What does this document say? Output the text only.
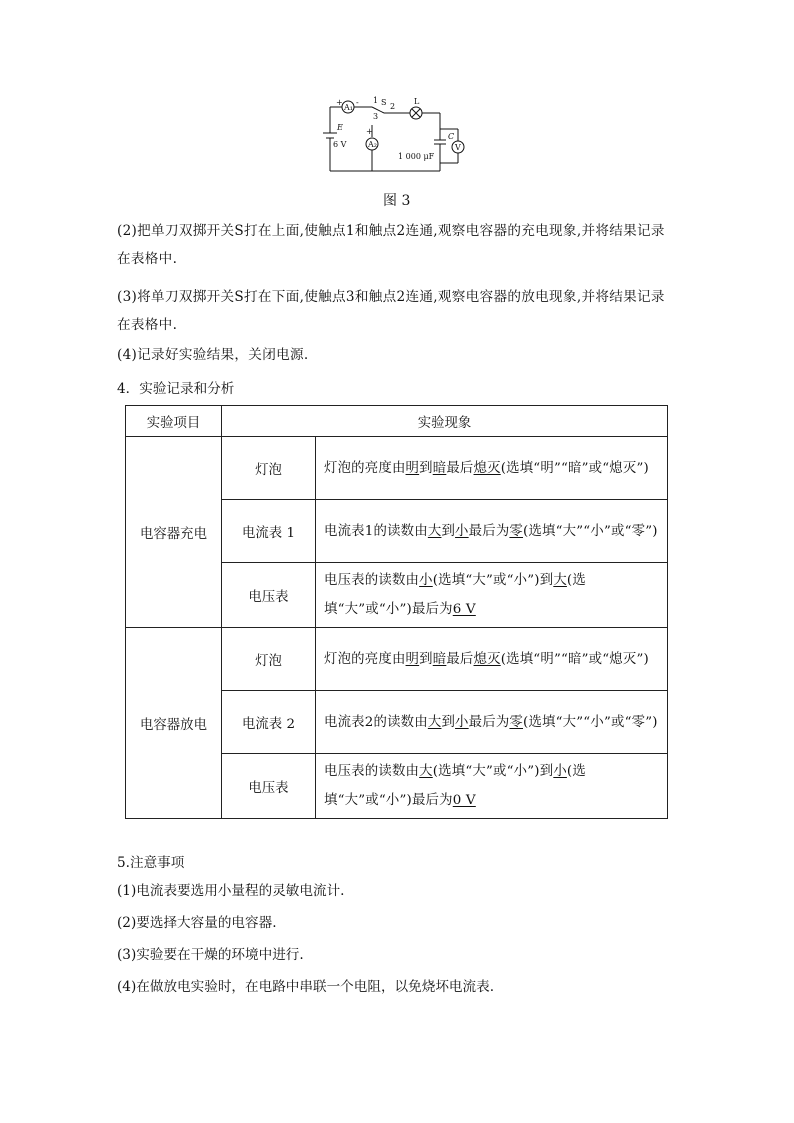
A₁
A₂	V
L
S
1
2
3
E
6 V
C
1 000 μF
+ -
+
图 3
(2)把单刀双掷开关S打在上面,使触点1和触点2连通,观察电容器的充电现象,并将结果记录在表格中.
(3)将单刀双掷开关S打在下面,使触点3和触点2连通,观察电容器的放电现象,并将结果记录在表格中.
(4)记录好实验结果，关闭电源.
4．实验记录和分析
实验项目	实验现象	
电容器充电	灯泡	灯泡的亮度由明到暗最后熄灭(选填“明”“暗”或“熄灭”)
	电流表 1	电流表1的读数由大到小最后为零(选填“大”“小”或“零”)
	电压表	电压表的读数由小(选填“大”或“小”)到大(选填“大”或“小”)最后为6 V
电容器放电	灯泡	灯泡的亮度由明到暗最后熄灭(选填“明”“暗”或“熄灭”)
	电流表 2	电流表2的读数由大到小最后为零(选填“大”“小”或“零”)
	电压表	电压表的读数由大(选填“大”或“小”)到小(选填“大”或“小”)最后为0 V
5.注意事项
(1)电流表要选用小量程的灵敏电流计.
(2)要选择大容量的电容器.
(3)实验要在干燥的环境中进行.
(4)在做放电实验时，在电路中串联一个电阻，以免烧坏电流表.
